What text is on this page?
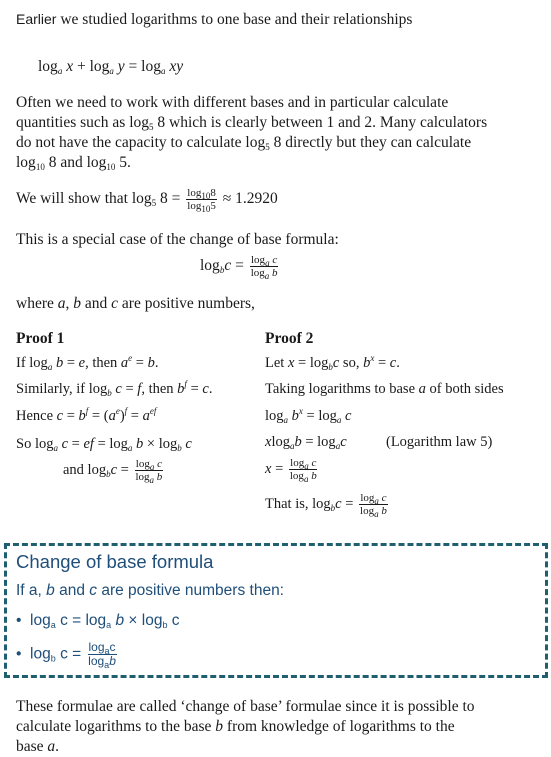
Earlier we studied logarithms to one base and their relationships
$\log_a x + \log_a y = \log_a$ xy
Often we need to work with different bases and in particular calculate
quantities such as $\log_5 8$ which is clearly between 1 and 2. Many calculators
do not have the capacity to calculate $\log_5 8$ directly but they can calculate
$\log_{10} 8$ and $\log_{10} 5$.
We will show that $\log_5 8 = \frac{\log_{10}8}{\log_{10}5} \approx 1.2920$
This is a special case of the change of base formula:
$\log_bc = \frac{\log_a c}{\log_a b}$
where a, b and c are positive numbers,
Proof 1
If $\log_a b = e$, then $a^e = b$.
Similarly, if $\log_b c = f$, then $b^f = c$.
Hence $c = b^f = (a^e)^f = a^{ef}$
So $\log_a c$ = ef = $\log_a b \times \log_b c$
and $\log_bc = \frac{\log_a c}{\log_a b}$
Proof 2
Let $x = \log_bc$ so, $b^x = c$.
Taking logarithms to base a of both sides
$\log_a b^x = \log_a c$
$xlog_ab = \log_ac$	(Logarithm law 5)
$x = \frac{\log_a c}{\log_a b}$
That is, $\log_bc = \frac{\log_a c}{\log_a b}$
Change of base formula
If a, b and c are positive numbers then:
•  $\log_a c = \log_a b \times \log_b c$
•  $\log_b c = \frac{\log_ac}{\log_ab}$
These formulae are called ‘change of base’ formulae since it is possible to
calculate logarithms to the base b from knowledge of logarithms to the
base a.
